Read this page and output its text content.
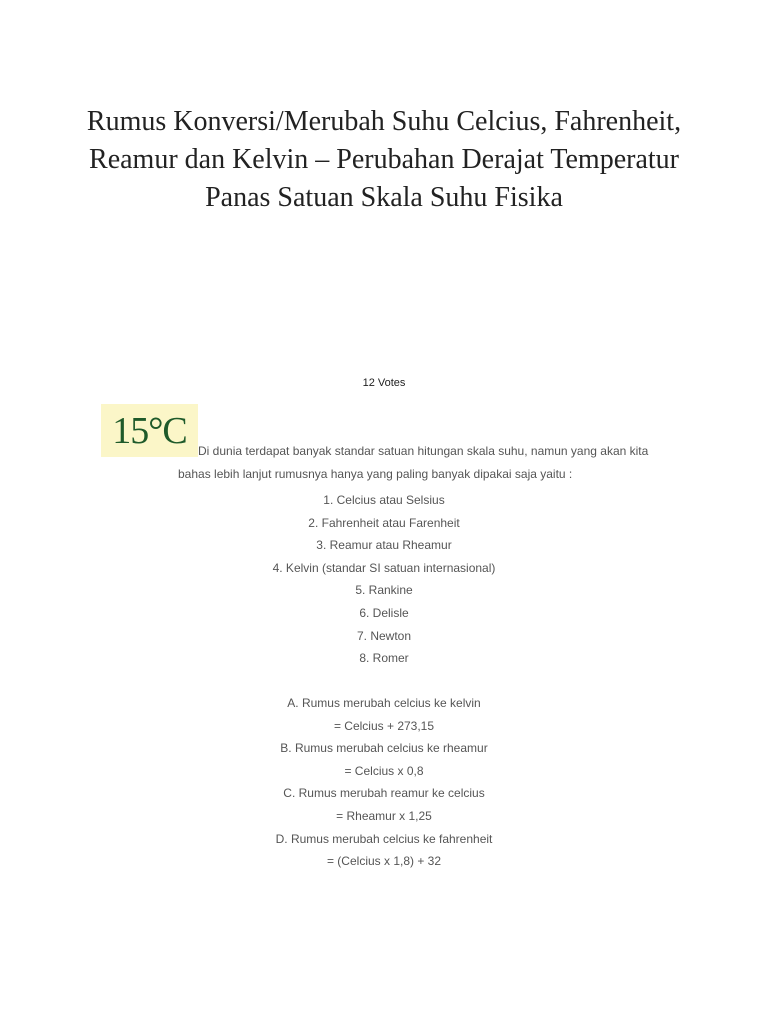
Rumus Konversi/Merubah Suhu Celcius, Fahrenheit, Reamur dan Kelvin – Perubahan Derajat Temperatur Panas Satuan Skala Suhu Fisika
12 Votes
15°C Di dunia terdapat banyak standar satuan hitungan skala suhu, namun yang akan kita
bahas lebih lanjut rumusnya hanya yang paling banyak dipakai saja yaitu :
1. Celcius atau Selsius
2. Fahrenheit atau Farenheit
3. Reamur atau Rheamur
4. Kelvin (standar SI satuan internasional)
5. Rankine
6. Delisle
7. Newton
8. Romer
A. Rumus merubah celcius ke kelvin
= Celcius + 273,15
B. Rumus merubah celcius ke rheamur
= Celcius x 0,8
C. Rumus merubah reamur ke celcius
= Rheamur x 1,25
D. Rumus merubah celcius ke fahrenheit
= (Celcius x 1,8) + 32
